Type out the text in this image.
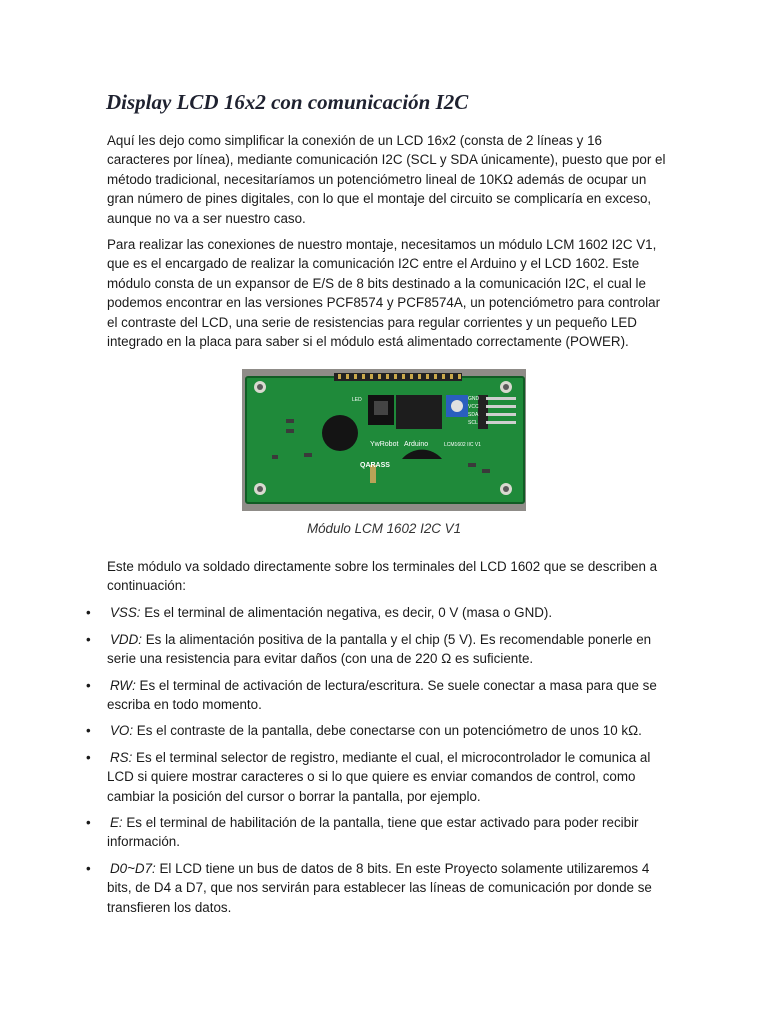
Display LCD 16x2 con comunicación I2C

Aquí les dejo como simplificar la conexión de un LCD 16x2 (consta de 2 líneas y 16 caracteres por línea), mediante comunicación I2C (SCL y SDA únicamente), puesto que por el método tradicional, necesitaríamos un potenciómetro lineal de 10KΩ además de ocupar un gran número de pines digitales, con lo que el montaje del circuito se complicaría en exceso, aunque no va a ser nuestro caso.

Para realizar las conexiones de nuestro montaje, necesitamos un módulo LCM 1602 I2C V1, que es el encargado de realizar la comunicación I2C entre el Arduino y el LCD 1602. Este módulo consta de un expansor de E/S de 8 bits destinado a la comunicación I2C, el cual le podemos encontrar en las versiones PCF8574 y PCF8574A, un potenciómetro para controlar el contraste del LCD, una serie de resistencias para regular corrientes y un pequeño LED integrado en la placa para saber si el módulo está alimentado correctamente (POWER).

YwRobot Arduino	LCM1602 IIC V1
LED
QARASS
GND
VCC
SDA
SCL
Módulo LCM 1602 I2C V1

Este módulo va soldado directamente sobre los terminales del LCD 1602 que se describen a continuación:

• VSS: Es el terminal de alimentación negativa, es decir, 0 V (masa o GND).
• VDD: Es la alimentación positiva de la pantalla y el chip (5 V). Es recomendable ponerle en serie una resistencia para evitar daños (con una de 220 Ω es suficiente.
• RW: Es el terminal de activación de lectura/escritura. Se suele conectar a masa para que se escriba en todo momento.
• VO: Es el contraste de la pantalla, debe conectarse con un potenciómetro de unos 10 kΩ.
• RS: Es el terminal selector de registro, mediante el cual, el microcontrolador le comunica al LCD si quiere mostrar caracteres o si lo que quiere es enviar comandos de control, como cambiar la posición del cursor o borrar la pantalla, por ejemplo.
• E: Es el terminal de habilitación de la pantalla, tiene que estar activado para poder recibir información.
• D0~D7: El LCD tiene un bus de datos de 8 bits. En este Proyecto solamente utilizaremos 4 bits, de D4 a D7, que nos servirán para establecer las líneas de comunicación por donde se transfieren los datos.
